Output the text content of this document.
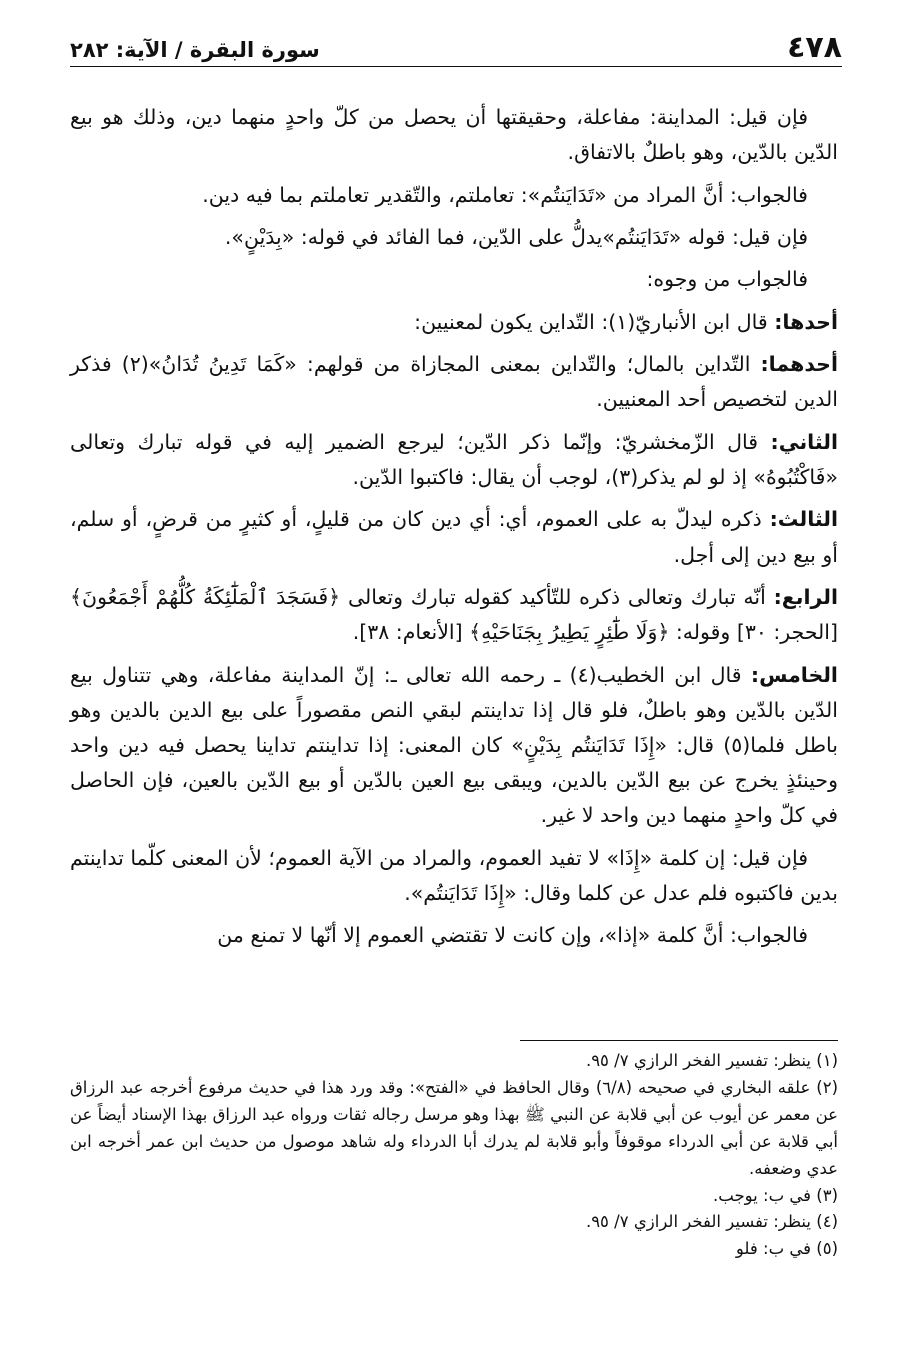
٤٧٨
سورة البقرة / الآية: ٢٨٢

فإن قيل: المداينة: مفاعلة، وحقيقتها أن يحصل من كلّ واحدٍ منهما دين، وذلك هو بيع الدّين بالدّين، وهو باطلٌ بالاتفاق.

فالجواب: أنَّ المراد من «تَدَايَنتُم»: تعاملتم، والتّقدير تعاملتم بما فيه دين.

فإن قيل: قوله «تَدَايَنتُم»يدلُّ على الدّين، فما الفائد في قوله: «بِدَيْنٍ».

فالجواب من وجوه:

أحدها: قال ابن الأنباريّ(١): التّداين يكون لمعنيين:

أحدهما: التّداين بالمال؛ والتّداين بمعنى المجازاة من قولهم: «كَمَا تَدِينُ تُدَانُ»(٢) فذكر الدين لتخصيص أحد المعنيين.

الثاني: قال الزّمخشريّ: وإنّما ذكر الدّين؛ ليرجع الضمير إليه في قوله تبارك وتعالى «فَاكْتُبُوهُ» إذ لو لم يذكر(٣)، لوجب أن يقال: فاكتبوا الدّين.

الثالث: ذكره ليدلّ به على العموم، أي: أي دين كان من قليلٍ، أو كثيرٍ من قرضٍ، أو سلم، أو بيع دين إلى أجل.

الرابع: أنّه تبارك وتعالى ذكره للتّأكيد كقوله تبارك وتعالى ﴿فَسَجَدَ ٱلْمَلَٰٓئِكَةُ كُلُّهُمْ أَجْمَعُونَ﴾ [الحجر: ٣٠] وقوله: ﴿وَلَا طَٰٓئِرٍ يَطِيرُ بِجَنَاحَيْهِ﴾ [الأنعام: ٣٨].

الخامس: قال ابن الخطيب(٤) ـ رحمه الله تعالى ـ: إنّ المداينة مفاعلة، وهي تتناول بيع الدّين بالدّين وهو باطلٌ، فلو قال إذا تداينتم لبقي النص مقصوراً على بيع الدين بالدين وهو باطل فلما(٥) قال: «إِذَا تَدَايَنتُم بِدَيْنٍ» كان المعنى: إذا تداينتم تداينا يحصل فيه دين واحد وحينئذٍ يخرج عن بيع الدّين بالدين، ويبقى بيع العين بالدّين أو بيع الدّين بالعين، فإن الحاصل في كلّ واحدٍ منهما دين واحد لا غير.

فإن قيل: إن كلمة «إِذَا» لا تفيد العموم، والمراد من الآية العموم؛ لأن المعنى كلّما تداينتم بدين فاكتبوه فلم عدل عن كلما وقال: «إِذَا تَدَايَنتُم».

فالجواب: أنَّ كلمة «إذا»، وإن كانت لا تقتضي العموم إلا أنّها لا تمنع من

(١) ينظر: تفسير الفخر الرازي ٧/ ٩٥.
(٢) علقه البخاري في صحيحه (٦/٨) وقال الحافظ في «الفتح»: وقد ورد هذا في حديث مرفوع أخرجه عبد الرزاق عن معمر عن أيوب عن أبي قلابة عن النبي ﷺ بهذا وهو مرسل رجاله ثقات ورواه عبد الرزاق بهذا الإسناد أيضاً عن أبي قلابة عن أبي الدرداء موقوفاً وأبو قلابة لم يدرك أبا الدرداء وله شاهد موصول من حديث ابن عمر أخرجه ابن عدي وضعفه.
(٣) في ب: يوجب.
(٤) ينظر: تفسير الفخر الرازي ٧/ ٩٥.
(٥) في ب: فلو
